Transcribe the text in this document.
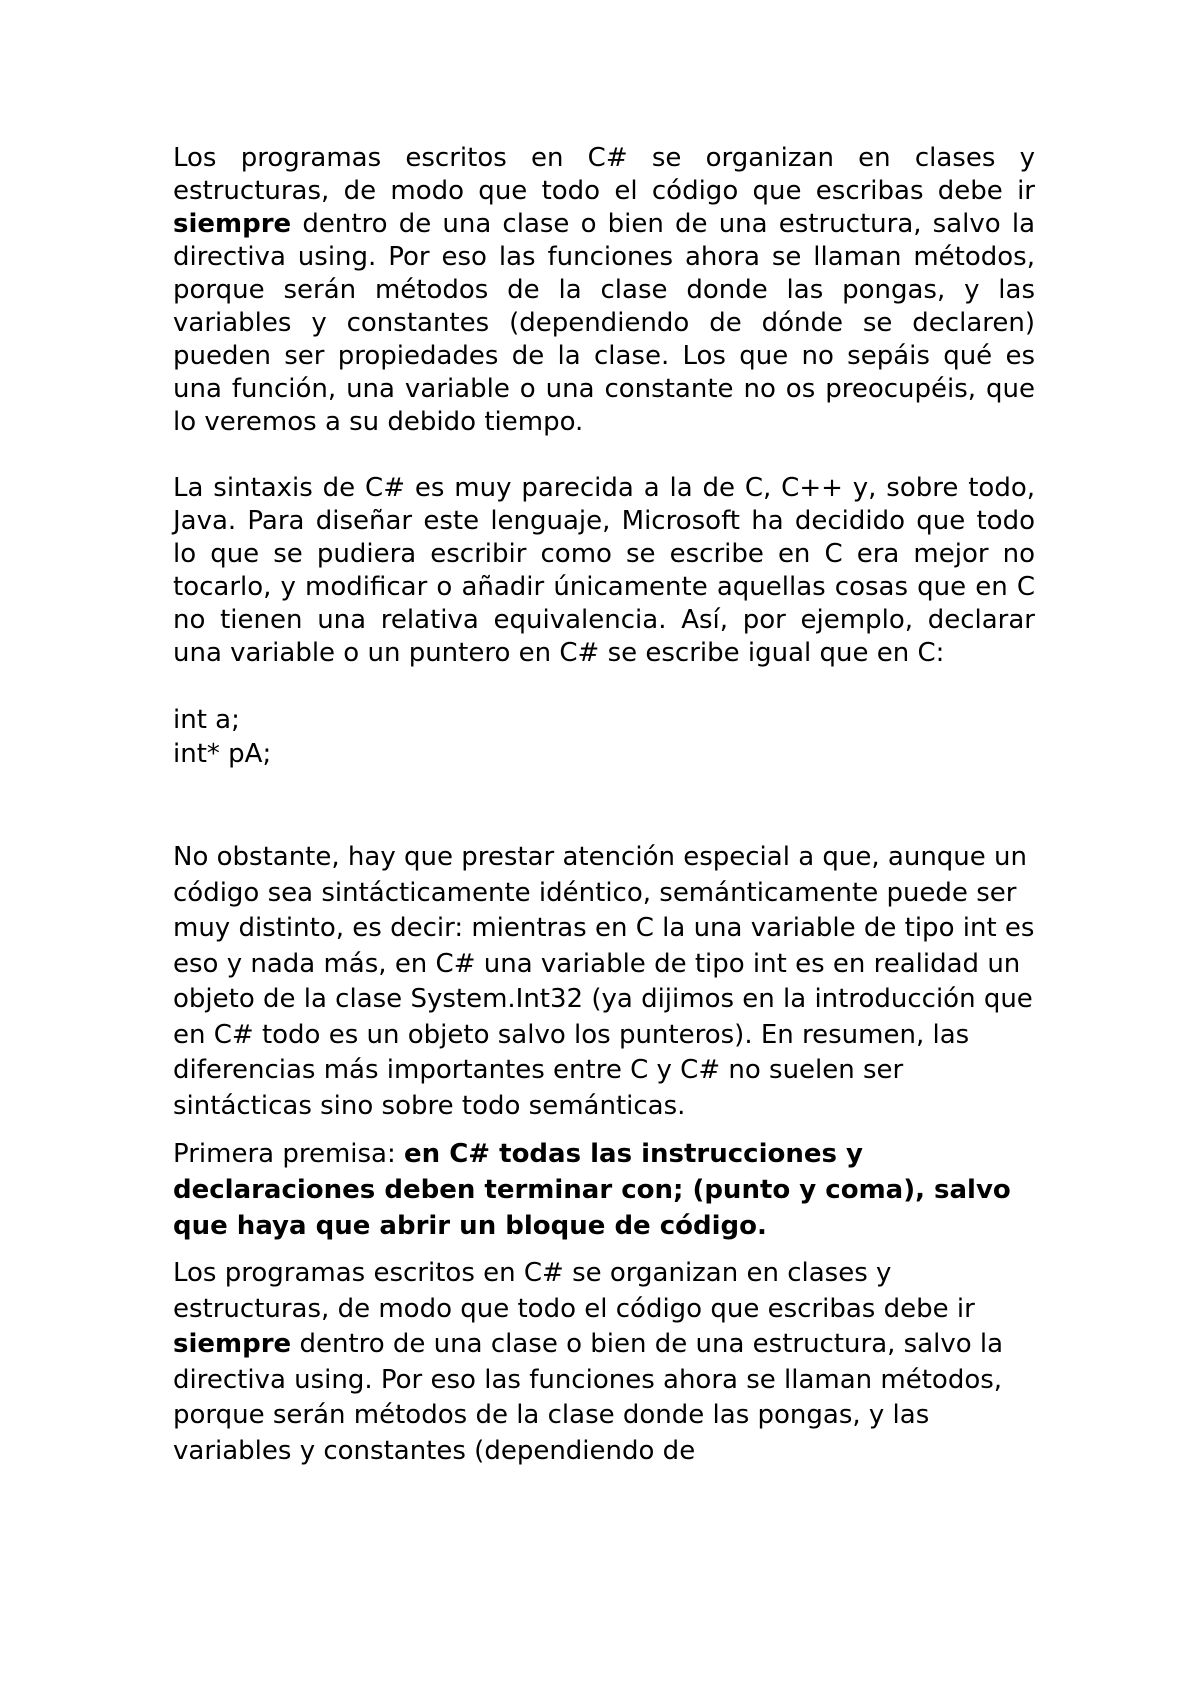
Los programas escritos en C# se organizan en clases y estructuras, de modo que todo el código que escribas debe ir siempre dentro de una clase o bien de una estructura, salvo la directiva using. Por eso las funciones ahora se llaman métodos, porque serán métodos de la clase donde las pongas, y las variables y constantes (dependiendo de dónde se declaren) pueden ser propiedades de la clase. Los que no sepáis qué es una función, una variable o una constante no os preocupéis, que lo veremos a su debido tiempo.

La sintaxis de C# es muy parecida a la de C, C++ y, sobre todo, Java. Para diseñar este lenguaje, Microsoft ha decidido que todo lo que se pudiera escribir como se escribe en C era mejor no tocarlo, y modificar o añadir únicamente aquellas cosas que en C no tienen una relativa equivalencia. Así, por ejemplo, declarar una variable o un puntero en C# se escribe igual que en C:

int a;
int* pA;

No obstante, hay que prestar atención especial a que, aunque un código sea sintácticamente idéntico, semánticamente puede ser muy distinto, es decir: mientras en C la una variable de tipo int es eso y nada más, en C# una variable de tipo int es en realidad un objeto de la clase System.Int32 (ya dijimos en la introducción que en C# todo es un objeto salvo los punteros). En resumen, las diferencias más importantes entre C y C# no suelen ser sintácticas sino sobre todo semánticas.

Primera premisa: en C# todas las instrucciones y declaraciones deben terminar con; (punto y coma), salvo que haya que abrir un bloque de código.

Los programas escritos en C# se organizan en clases y estructuras, de modo que todo el código que escribas debe ir siempre dentro de una clase o bien de una estructura, salvo la directiva using. Por eso las funciones ahora se llaman métodos, porque serán métodos de la clase donde las pongas, y las variables y constantes (dependiendo de
